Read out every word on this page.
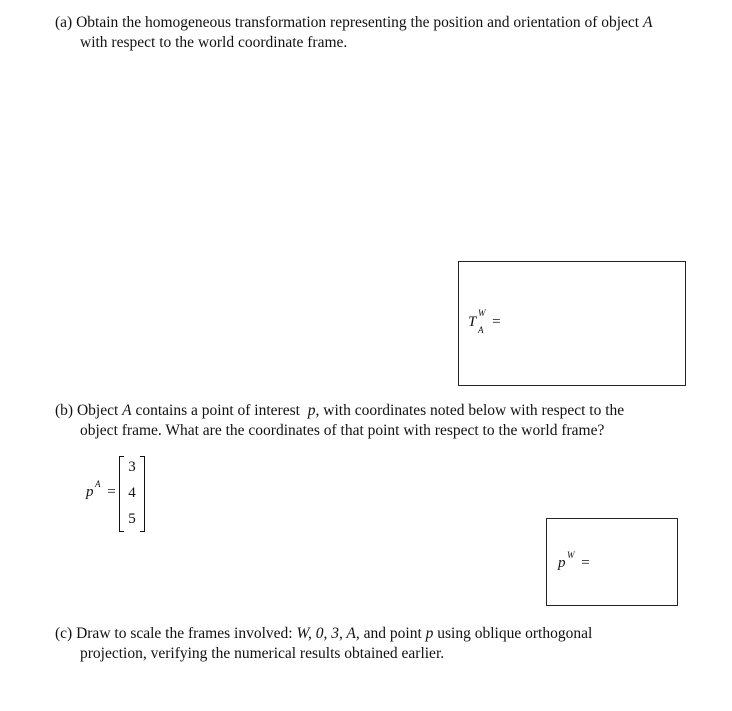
(a) Obtain the homogeneous transformation representing the position and orientation of object A
with respect to the world coordinate frame.
T
W
A =
(b) Object A contains a point of interest p, with coordinates noted below with respect to the
object frame. What are the coordinates of that point with respect to the world frame?
p A =
3
4
5
p W =
(c) Draw to scale the frames involved: W, 0, 3, A, and point p using oblique orthogonal
projection, verifying the numerical results obtained earlier.
